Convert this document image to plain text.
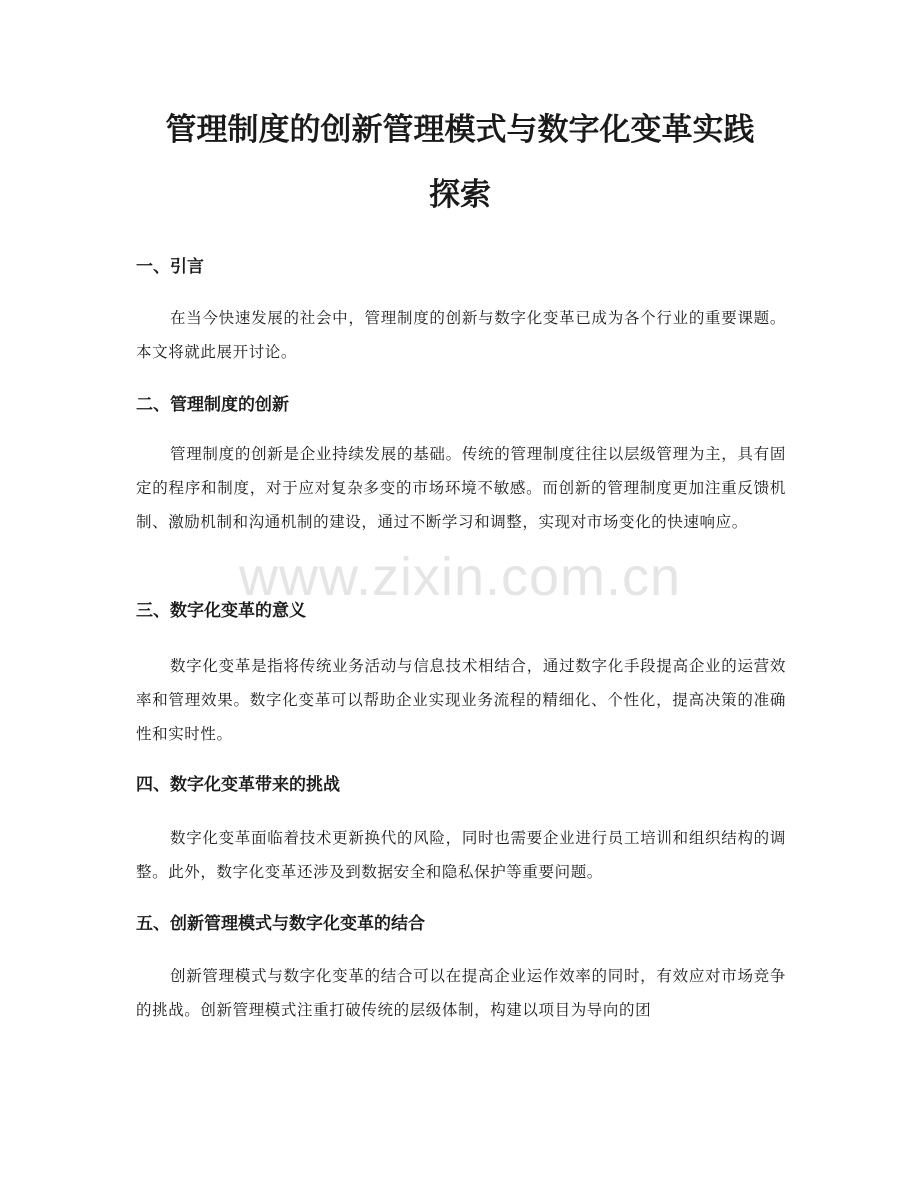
管理制度的创新管理模式与数字化变革实践
探索
一、引言

在当今快速发展的社会中，管理制度的创新与数字化变革已成为各个行业的重要课题。本文将就此展开讨论。

二、管理制度的创新

管理制度的创新是企业持续发展的基础。传统的管理制度往往以层级管理为主，具有固定的程序和制度，对于应对复杂多变的市场环境不敏感。而创新的管理制度更加注重反馈机制、激励机制和沟通机制的建设，通过不断学习和调整，实现对市场变化的快速响应。

三、数字化变革的意义

数字化变革是指将传统业务活动与信息技术相结合，通过数字化手段提高企业的运营效率和管理效果。数字化变革可以帮助企业实现业务流程的精细化、个性化，提高决策的准确性和实时性。

四、数字化变革带来的挑战

数字化变革面临着技术更新换代的风险，同时也需要企业进行员工培训和组织结构的调整。此外，数字化变革还涉及到数据安全和隐私保护等重要问题。

五、创新管理模式与数字化变革的结合

创新管理模式与数字化变革的结合可以在提高企业运作效率的同时，有效应对市场竞争的挑战。创新管理模式注重打破传统的层级体制，构建以项目为导向的团

www.zixin.com.cn
